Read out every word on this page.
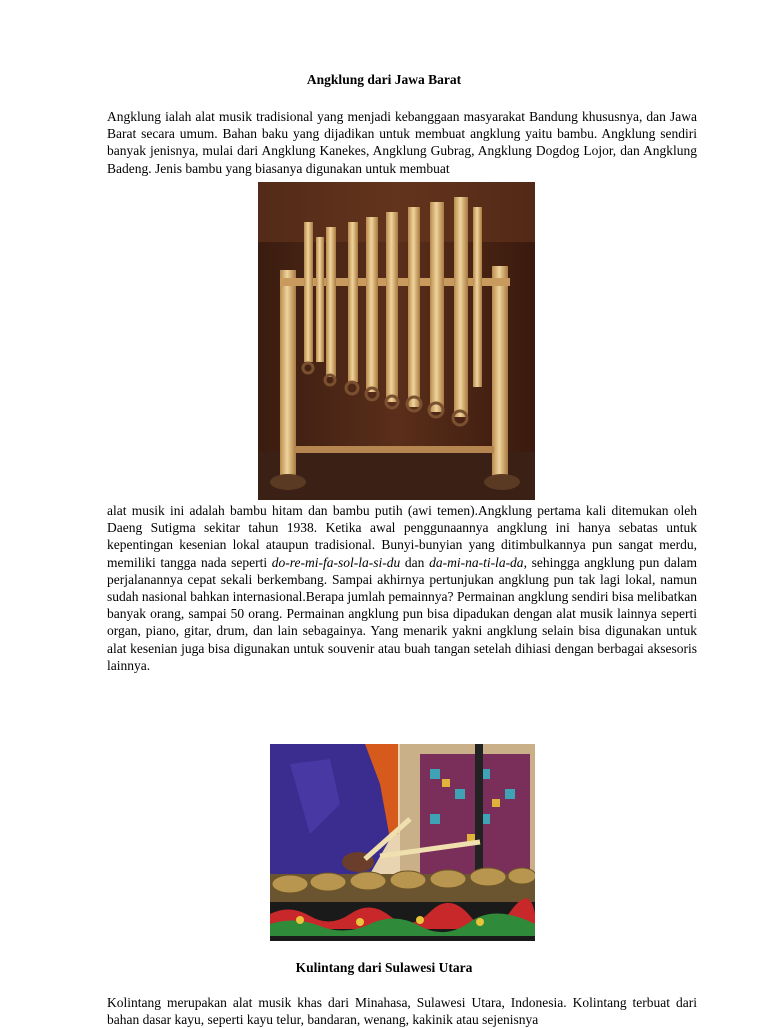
Angklung dari Jawa Barat
Angklung ialah alat musik tradisional yang menjadi kebanggaan masyarakat Bandung khususnya, dan Jawa Barat secara umum. Bahan baku yang dijadikan untuk membuat angklung yaitu bambu. Angklung sendiri banyak jenisnya, mulai dari Angklung Kanekes, Angklung Gubrag, Angklung Dogdog Lojor, dan Angklung Badeng. Jenis bambu yang biasanya digunakan untuk membuat
alat musik ini adalah bambu hitam dan bambu putih (awi temen).Angklung pertama kali ditemukan oleh Daeng Sutigma sekitar tahun 1938. Ketika awal penggunaannya angklung ini hanya sebatas untuk kepentingan kesenian lokal ataupun tradisional. Bunyi-bunyian yang ditimbulkannya pun sangat merdu, memiliki tangga nada seperti do-re-mi-fa-sol-la-si-du dan da-mi-na-ti-la-da, sehingga angklung pun dalam perjalanannya cepat sekali berkembang. Sampai akhirnya pertunjukan angklung pun tak lagi lokal, namun sudah nasional bahkan internasional.Berapa jumlah pemainnya? Permainan angklung sendiri bisa melibatkan banyak orang, sampai 50 orang. Permainan angklung pun bisa dipadukan dengan alat musik lainnya seperti organ, piano, gitar, drum, dan lain sebagainya. Yang menarik yakni angklung selain bisa digunakan untuk alat kesenian juga bisa digunakan untuk souvenir atau buah tangan setelah dihiasi dengan berbagai aksesoris lainnya.
Kulintang dari Sulawesi Utara
Kolintang merupakan alat musik khas dari Minahasa, Sulawesi Utara, Indonesia. Kolintang terbuat dari bahan dasar kayu, seperti kayu telur, bandaran, wenang, kakinik atau sejenisnya
